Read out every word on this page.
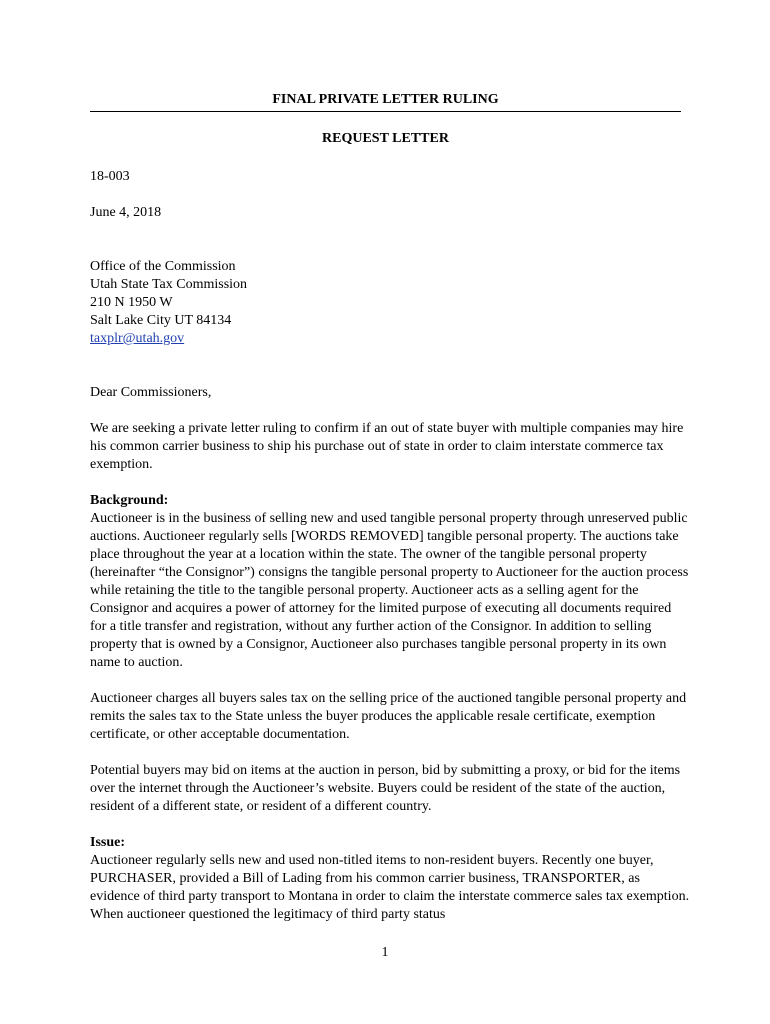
FINAL PRIVATE LETTER RULING
REQUEST LETTER

18-003

June 4, 2018

Office of the Commission

Utah State Tax Commission

210 N 1950 W

Salt Lake City UT 84134

taxplr@utah.gov

Dear Commissioners,

We are seeking a private letter ruling to confirm if an out of state buyer with multiple companies may hire his common carrier business to ship his purchase out of state in order to claim interstate commerce tax exemption.

Background:

Auctioneer is in the business of selling new and used tangible personal property through unreserved public auctions. Auctioneer regularly sells [WORDS REMOVED] tangible personal property. The auctions take place throughout the year at a location within the state. The owner of the tangible personal property (hereinafter “the Consignor”) consigns the tangible personal property to Auctioneer for the auction process while retaining the title to the tangible personal property. Auctioneer acts as a selling agent for the Consignor and acquires a power of attorney for the limited purpose of executing all documents required for a title transfer and registration, without any further action of the Consignor. In addition to selling property that is owned by a Consignor, Auctioneer also purchases tangible personal property in its own name to auction.

Auctioneer charges all buyers sales tax on the selling price of the auctioned tangible personal property and remits the sales tax to the State unless the buyer produces the applicable resale certificate, exemption certificate, or other acceptable documentation.

Potential buyers may bid on items at the auction in person, bid by submitting a proxy, or bid for the items over the internet through the Auctioneer’s website. Buyers could be resident of the state of the auction, resident of a different state, or resident of a different country.

Issue:

Auctioneer regularly sells new and used non-titled items to non-resident buyers. Recently one buyer, PURCHASER, provided a Bill of Lading from his common carrier business, TRANSPORTER, as evidence of third party transport to Montana in order to claim the interstate commerce sales tax exemption. When auctioneer questioned the legitimacy of third party status

1
